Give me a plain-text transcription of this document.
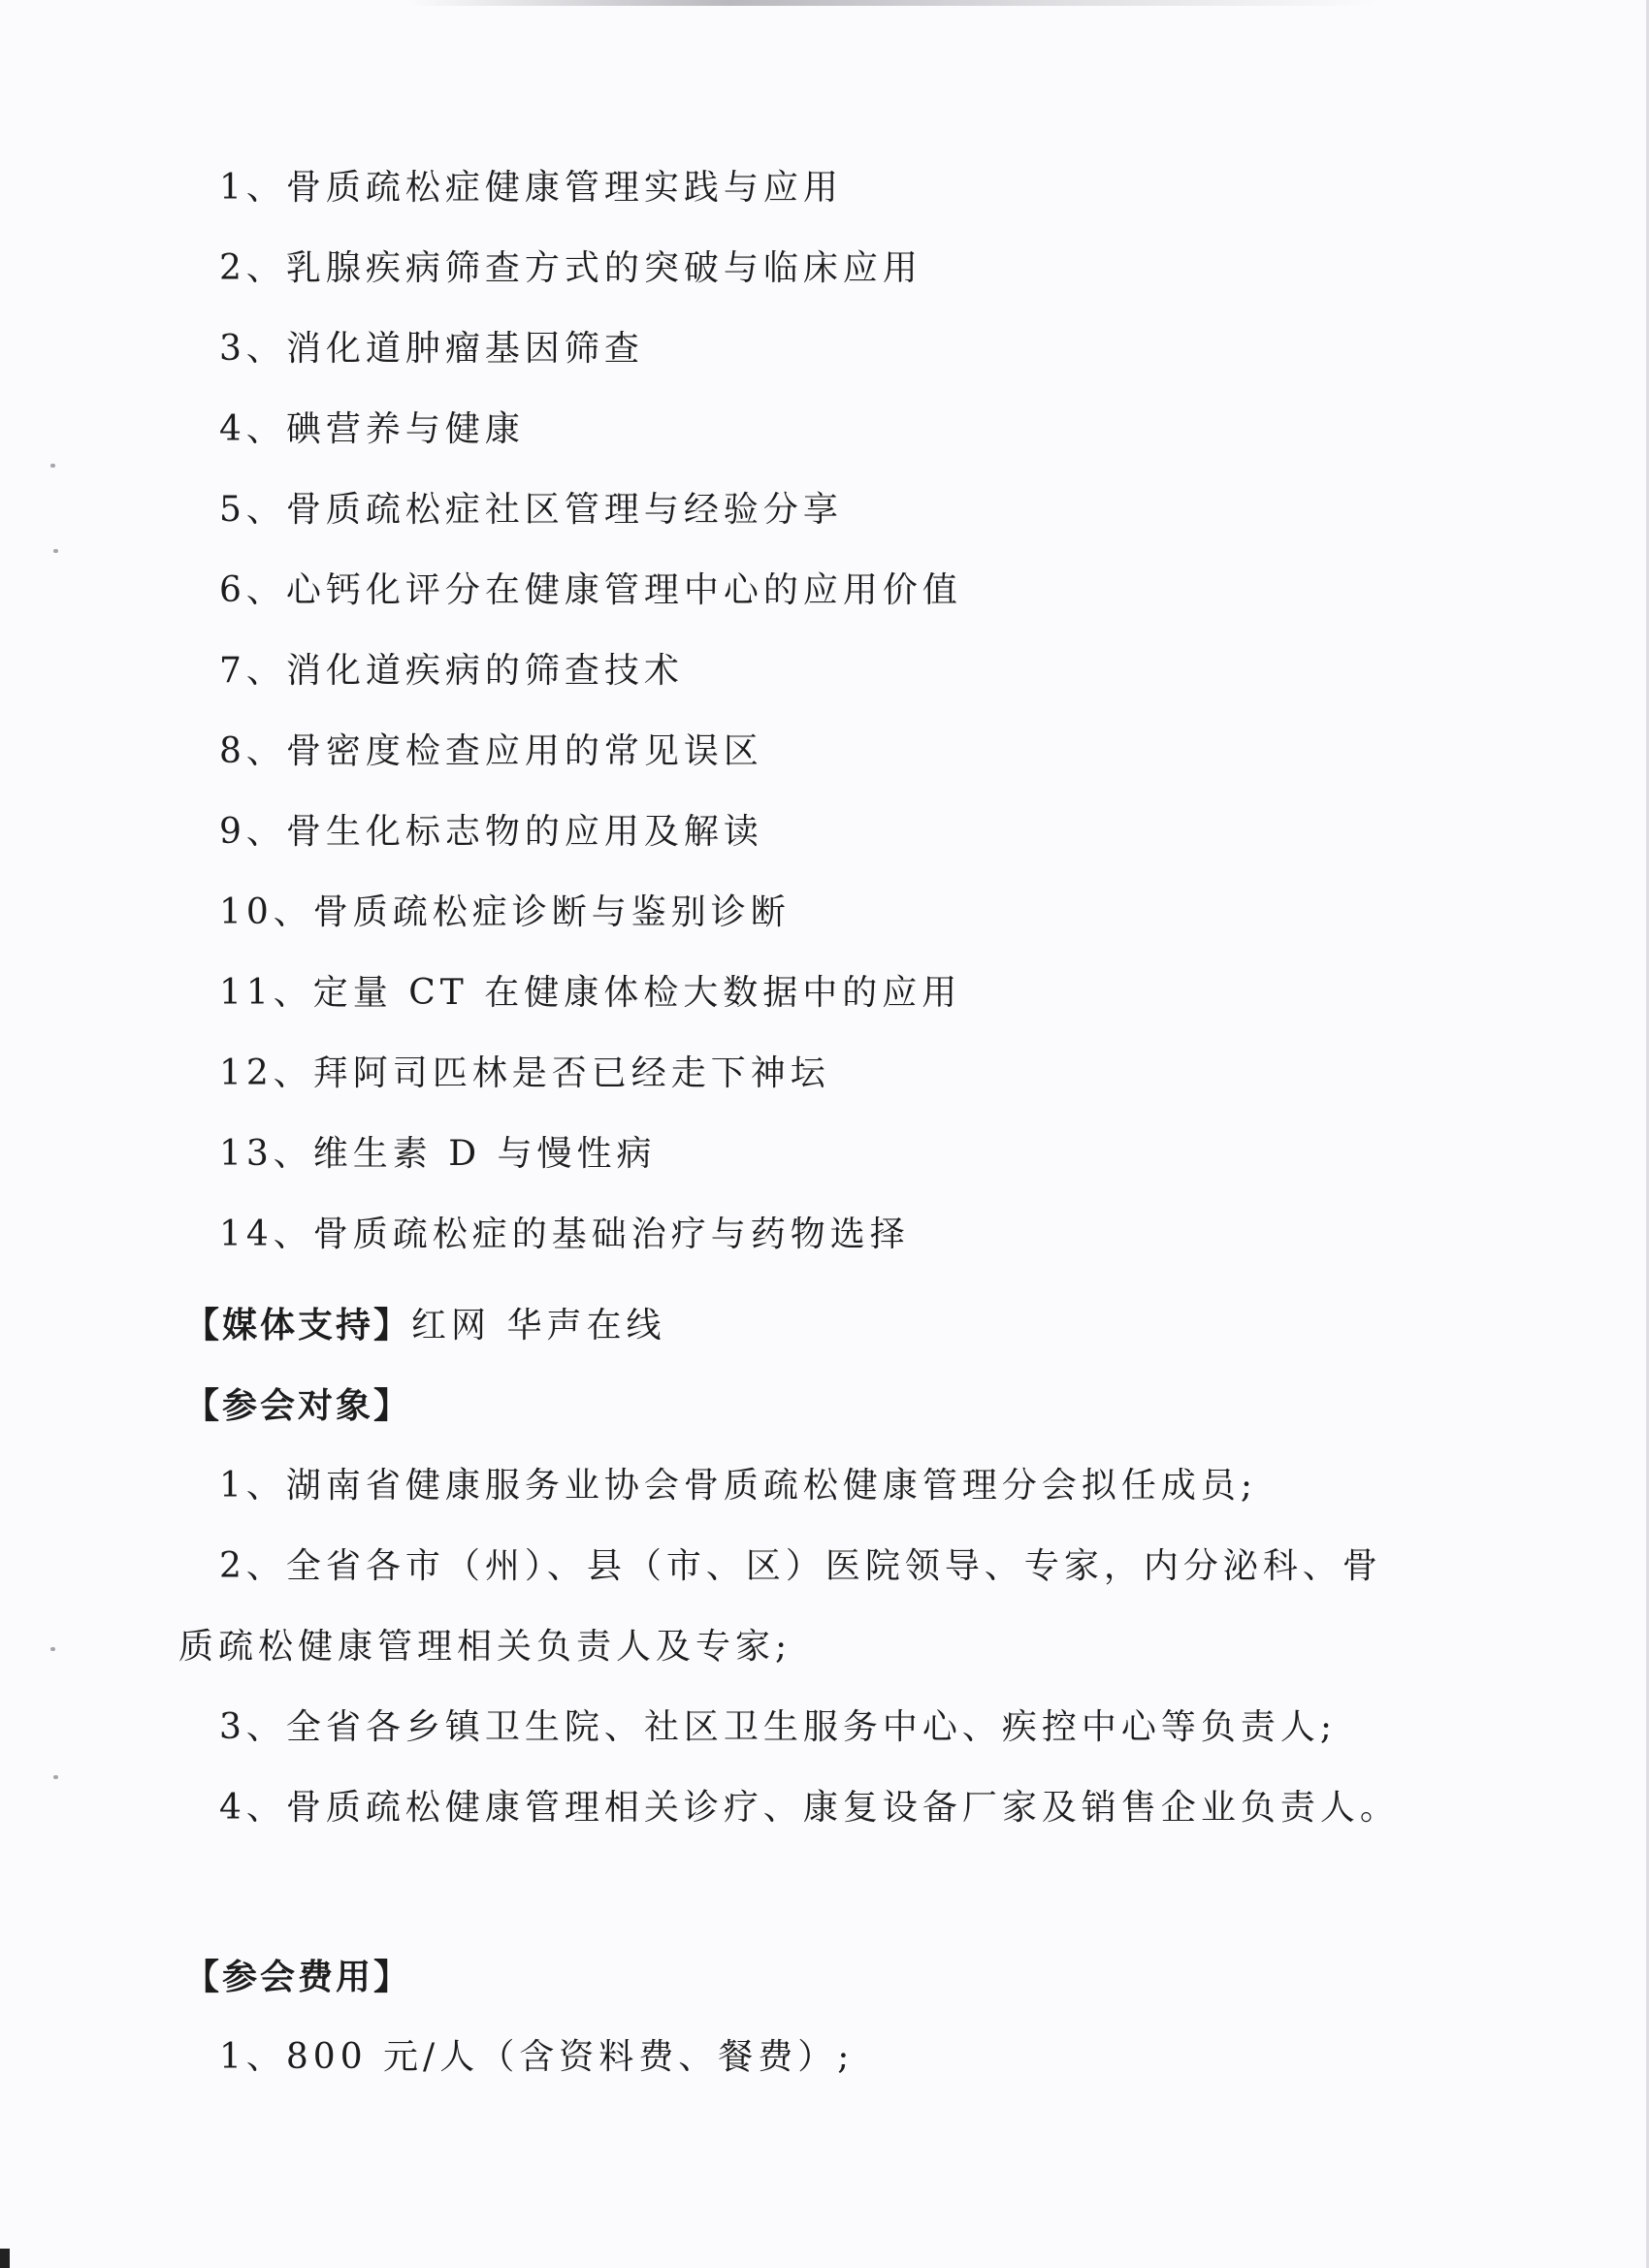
1、骨质疏松症健康管理实践与应用
2、乳腺疾病筛查方式的突破与临床应用
3、消化道肿瘤基因筛查
4、碘营养与健康
5、骨质疏松症社区管理与经验分享
6、心钙化评分在健康管理中心的应用价值
7、消化道疾病的筛查技术
8、骨密度检查应用的常见误区
9、骨生化标志物的应用及解读
10、骨质疏松症诊断与鉴别诊断
11、定量 CT 在健康体检大数据中的应用
12、拜阿司匹林是否已经走下神坛
13、维生素 D 与慢性病
14、骨质疏松症的基础治疗与药物选择
【媒体支持】红网 华声在线
【参会对象】
1、湖南省健康服务业协会骨质疏松健康管理分会拟任成员;
2、全省各市（州）、县（市、区）医院领导、专家，内分泌科、骨
质疏松健康管理相关负责人及专家;
3、全省各乡镇卫生院、社区卫生服务中心、疾控中心等负责人;
4、骨质疏松健康管理相关诊疗、康复设备厂家及销售企业负责人。
【参会费用】
1、800 元/人（含资料费、餐费）;
